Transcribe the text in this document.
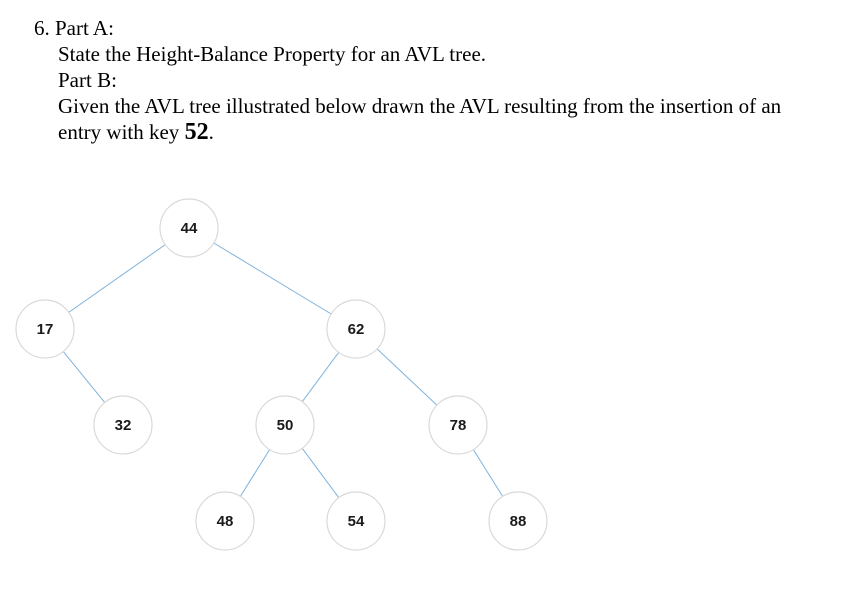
6. Part A:
State the Height-Balance Property for an AVL tree.
Part B:
Given the AVL tree illustrated below drawn the AVL resulting from the insertion of an
entry with key 52.
44
17	62
32	50	78
48	54	88
